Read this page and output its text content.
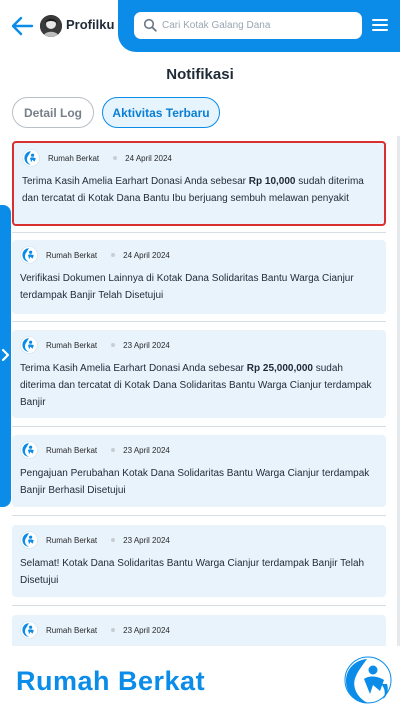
Profilku
Cari Kotak Galang Dana
Notifikasi
Detail Log	Aktivitas Terbaru
Rumah Berkat	24 April 2024
Terima Kasih Amelia Earhart Donasi Anda sebesar Rp 10,000 sudah diterima dan tercatat di Kotak Dana Bantu Ibu berjuang sembuh melawan penyakit
Rumah Berkat	24 April 2024
Verifikasi Dokumen Lainnya di Kotak Dana Solidaritas Bantu Warga Cianjur terdampak Banjir Telah Disetujui
Rumah Berkat	23 April 2024
Terima Kasih Amelia Earhart Donasi Anda sebesar Rp 25,000,000 sudah diterima dan tercatat di Kotak Dana Solidaritas Bantu Warga Cianjur terdampak Banjir
Rumah Berkat	23 April 2024
Pengajuan Perubahan Kotak Dana Solidaritas Bantu Warga Cianjur terdampak Banjir Berhasil Disetujui
Rumah Berkat	23 April 2024
Selamat! Kotak Dana Solidaritas Bantu Warga Cianjur terdampak Banjir Telah Disetujui
Rumah Berkat	23 April 2024
Rumah Berkat
